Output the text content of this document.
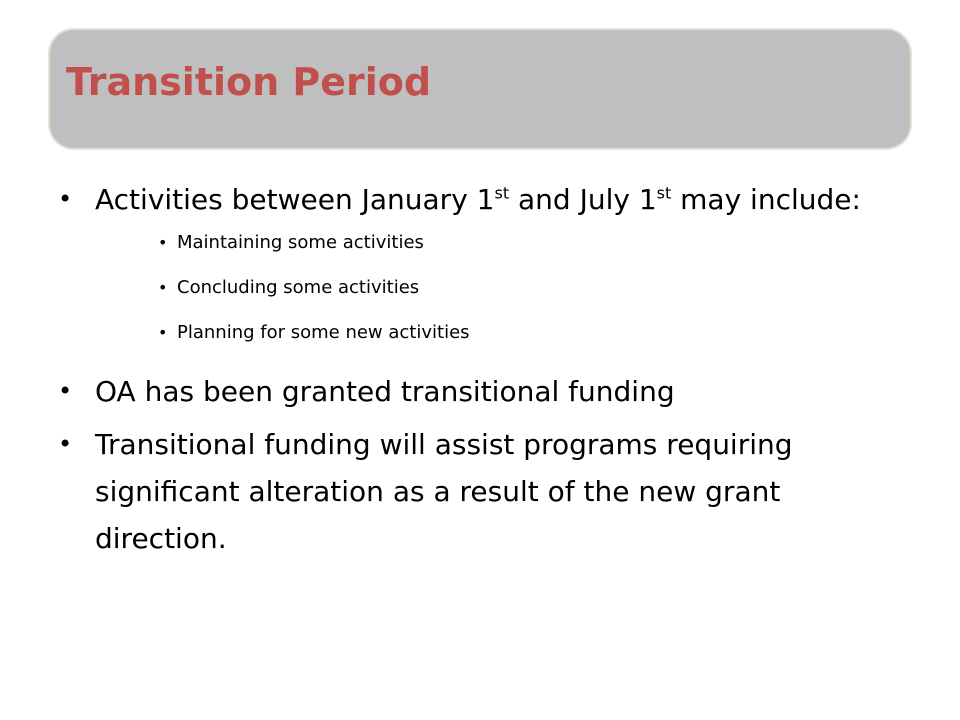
Transition Period
• Activities between January 1st and July 1st may include:
• Maintaining some activities
• Concluding some activities
• Planning for some new activities
• OA has been granted transitional funding
• Transitional funding will assist programs requiring significant alteration as a result of the new grant direction.
